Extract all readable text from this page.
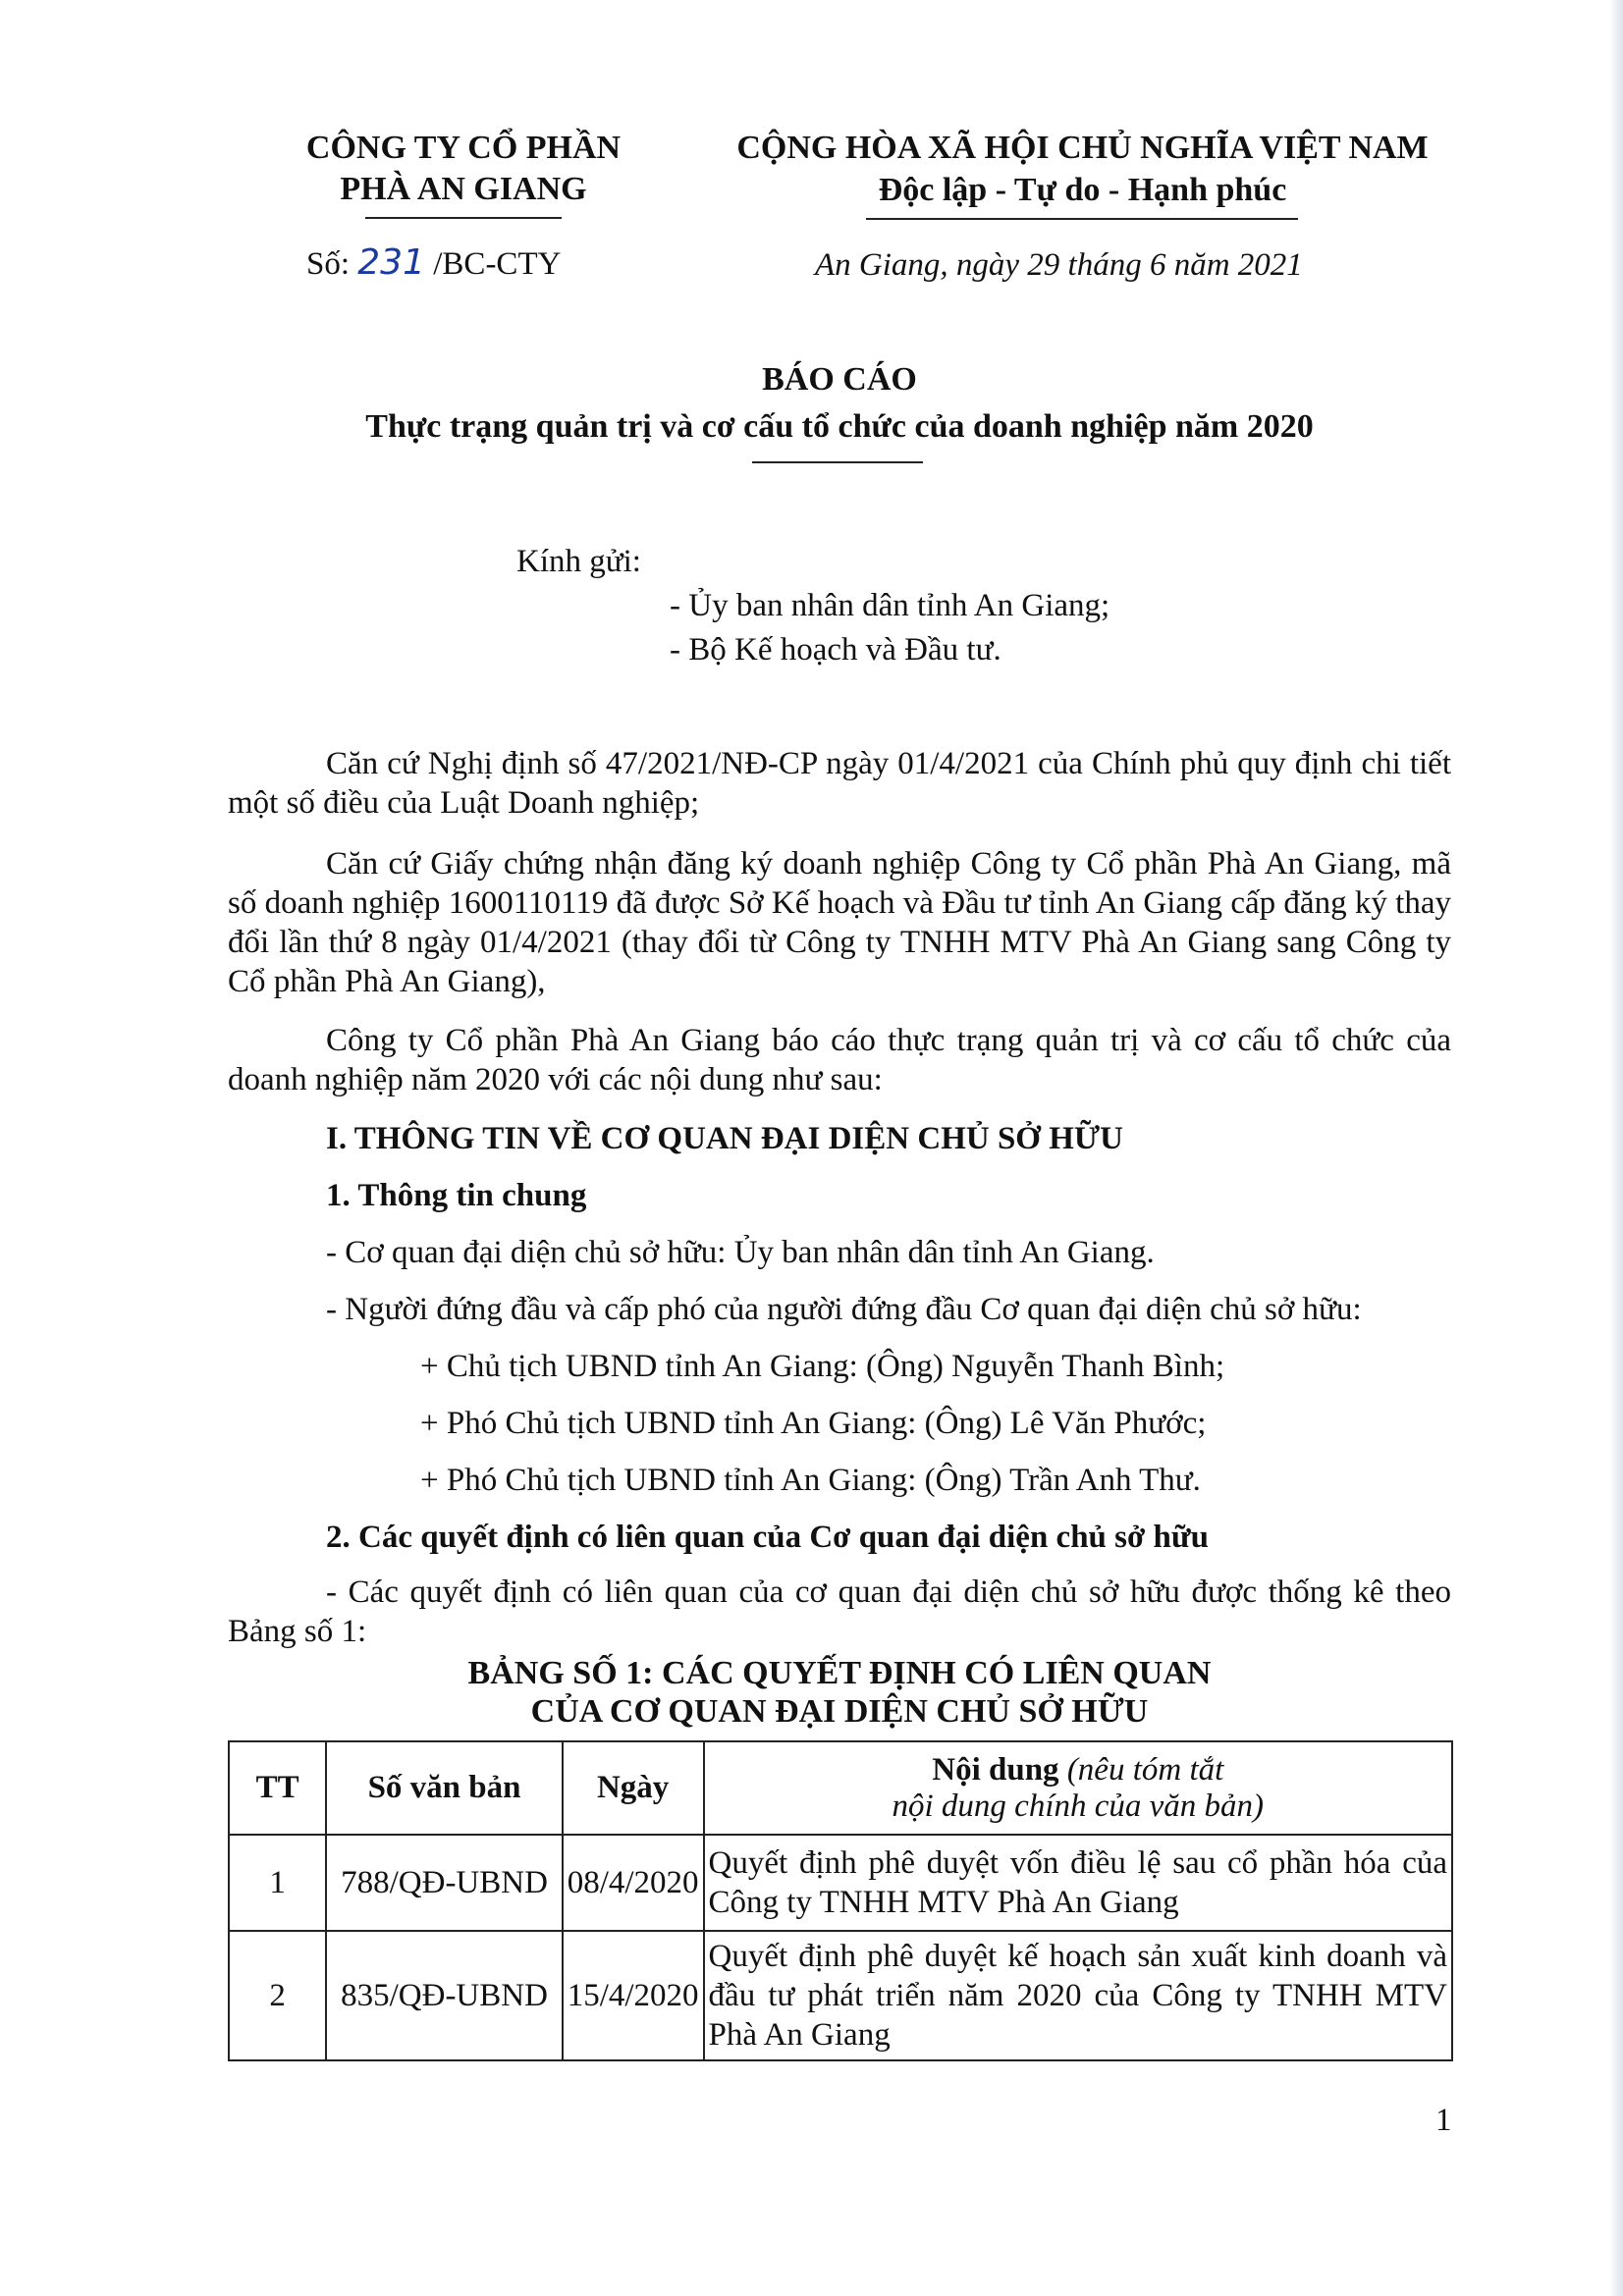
CÔNG TY CỔ PHẦN
PHÀ AN GIANG
CỘNG HÒA XÃ HỘI CHỦ NGHĨA VIỆT NAM
Độc lập - Tự do - Hạnh phúc
Số: 231 /BC-CTY	An Giang, ngày 29 tháng 6 năm 2021
BÁO CÁO
Thực trạng quản trị và cơ cấu tổ chức của doanh nghiệp năm 2020
Kính gửi:
- Ủy ban nhân dân tỉnh An Giang;
- Bộ Kế hoạch và Đầu tư.
Căn cứ Nghị định số 47/2021/NĐ-CP ngày 01/4/2021 của Chính phủ quy định chi tiết một số điều của Luật Doanh nghiệp;
Căn cứ Giấy chứng nhận đăng ký doanh nghiệp Công ty Cổ phần Phà An Giang, mã số doanh nghiệp 1600110119 đã được Sở Kế hoạch và Đầu tư tỉnh An Giang cấp đăng ký thay đổi lần thứ 8 ngày 01/4/2021 (thay đổi từ Công ty TNHH MTV Phà An Giang sang Công ty Cổ phần Phà An Giang),
Công ty Cổ phần Phà An Giang báo cáo thực trạng quản trị và cơ cấu tổ chức của doanh nghiệp năm 2020 với các nội dung như sau:
I. THÔNG TIN VỀ CƠ QUAN ĐẠI DIỆN CHỦ SỞ HỮU
1. Thông tin chung
- Cơ quan đại diện chủ sở hữu: Ủy ban nhân dân tỉnh An Giang.
- Người đứng đầu và cấp phó của người đứng đầu Cơ quan đại diện chủ sở hữu:
+ Chủ tịch UBND tỉnh An Giang: (Ông) Nguyễn Thanh Bình;
+ Phó Chủ tịch UBND tỉnh An Giang: (Ông) Lê Văn Phước;
+ Phó Chủ tịch UBND tỉnh An Giang: (Ông) Trần Anh Thư.
2. Các quyết định có liên quan của Cơ quan đại diện chủ sở hữu
- Các quyết định có liên quan của cơ quan đại diện chủ sở hữu được thống kê theo Bảng số 1:
BẢNG SỐ 1: CÁC QUYẾT ĐỊNH CÓ LIÊN QUAN
CỦA CƠ QUAN ĐẠI DIỆN CHỦ SỞ HỮU
TT	Số văn bản	Ngày	Nội dung (nêu tóm tắt
nội dung chính của văn bản)
1	788/QĐ-UBND	08/4/2020	Quyết định phê duyệt vốn điều lệ sau cổ phần hóa của Công ty TNHH MTV Phà An Giang
2	835/QĐ-UBND	15/4/2020	Quyết định phê duyệt kế hoạch sản xuất kinh doanh và đầu tư phát triển năm 2020 của Công ty TNHH MTV Phà An Giang
1
